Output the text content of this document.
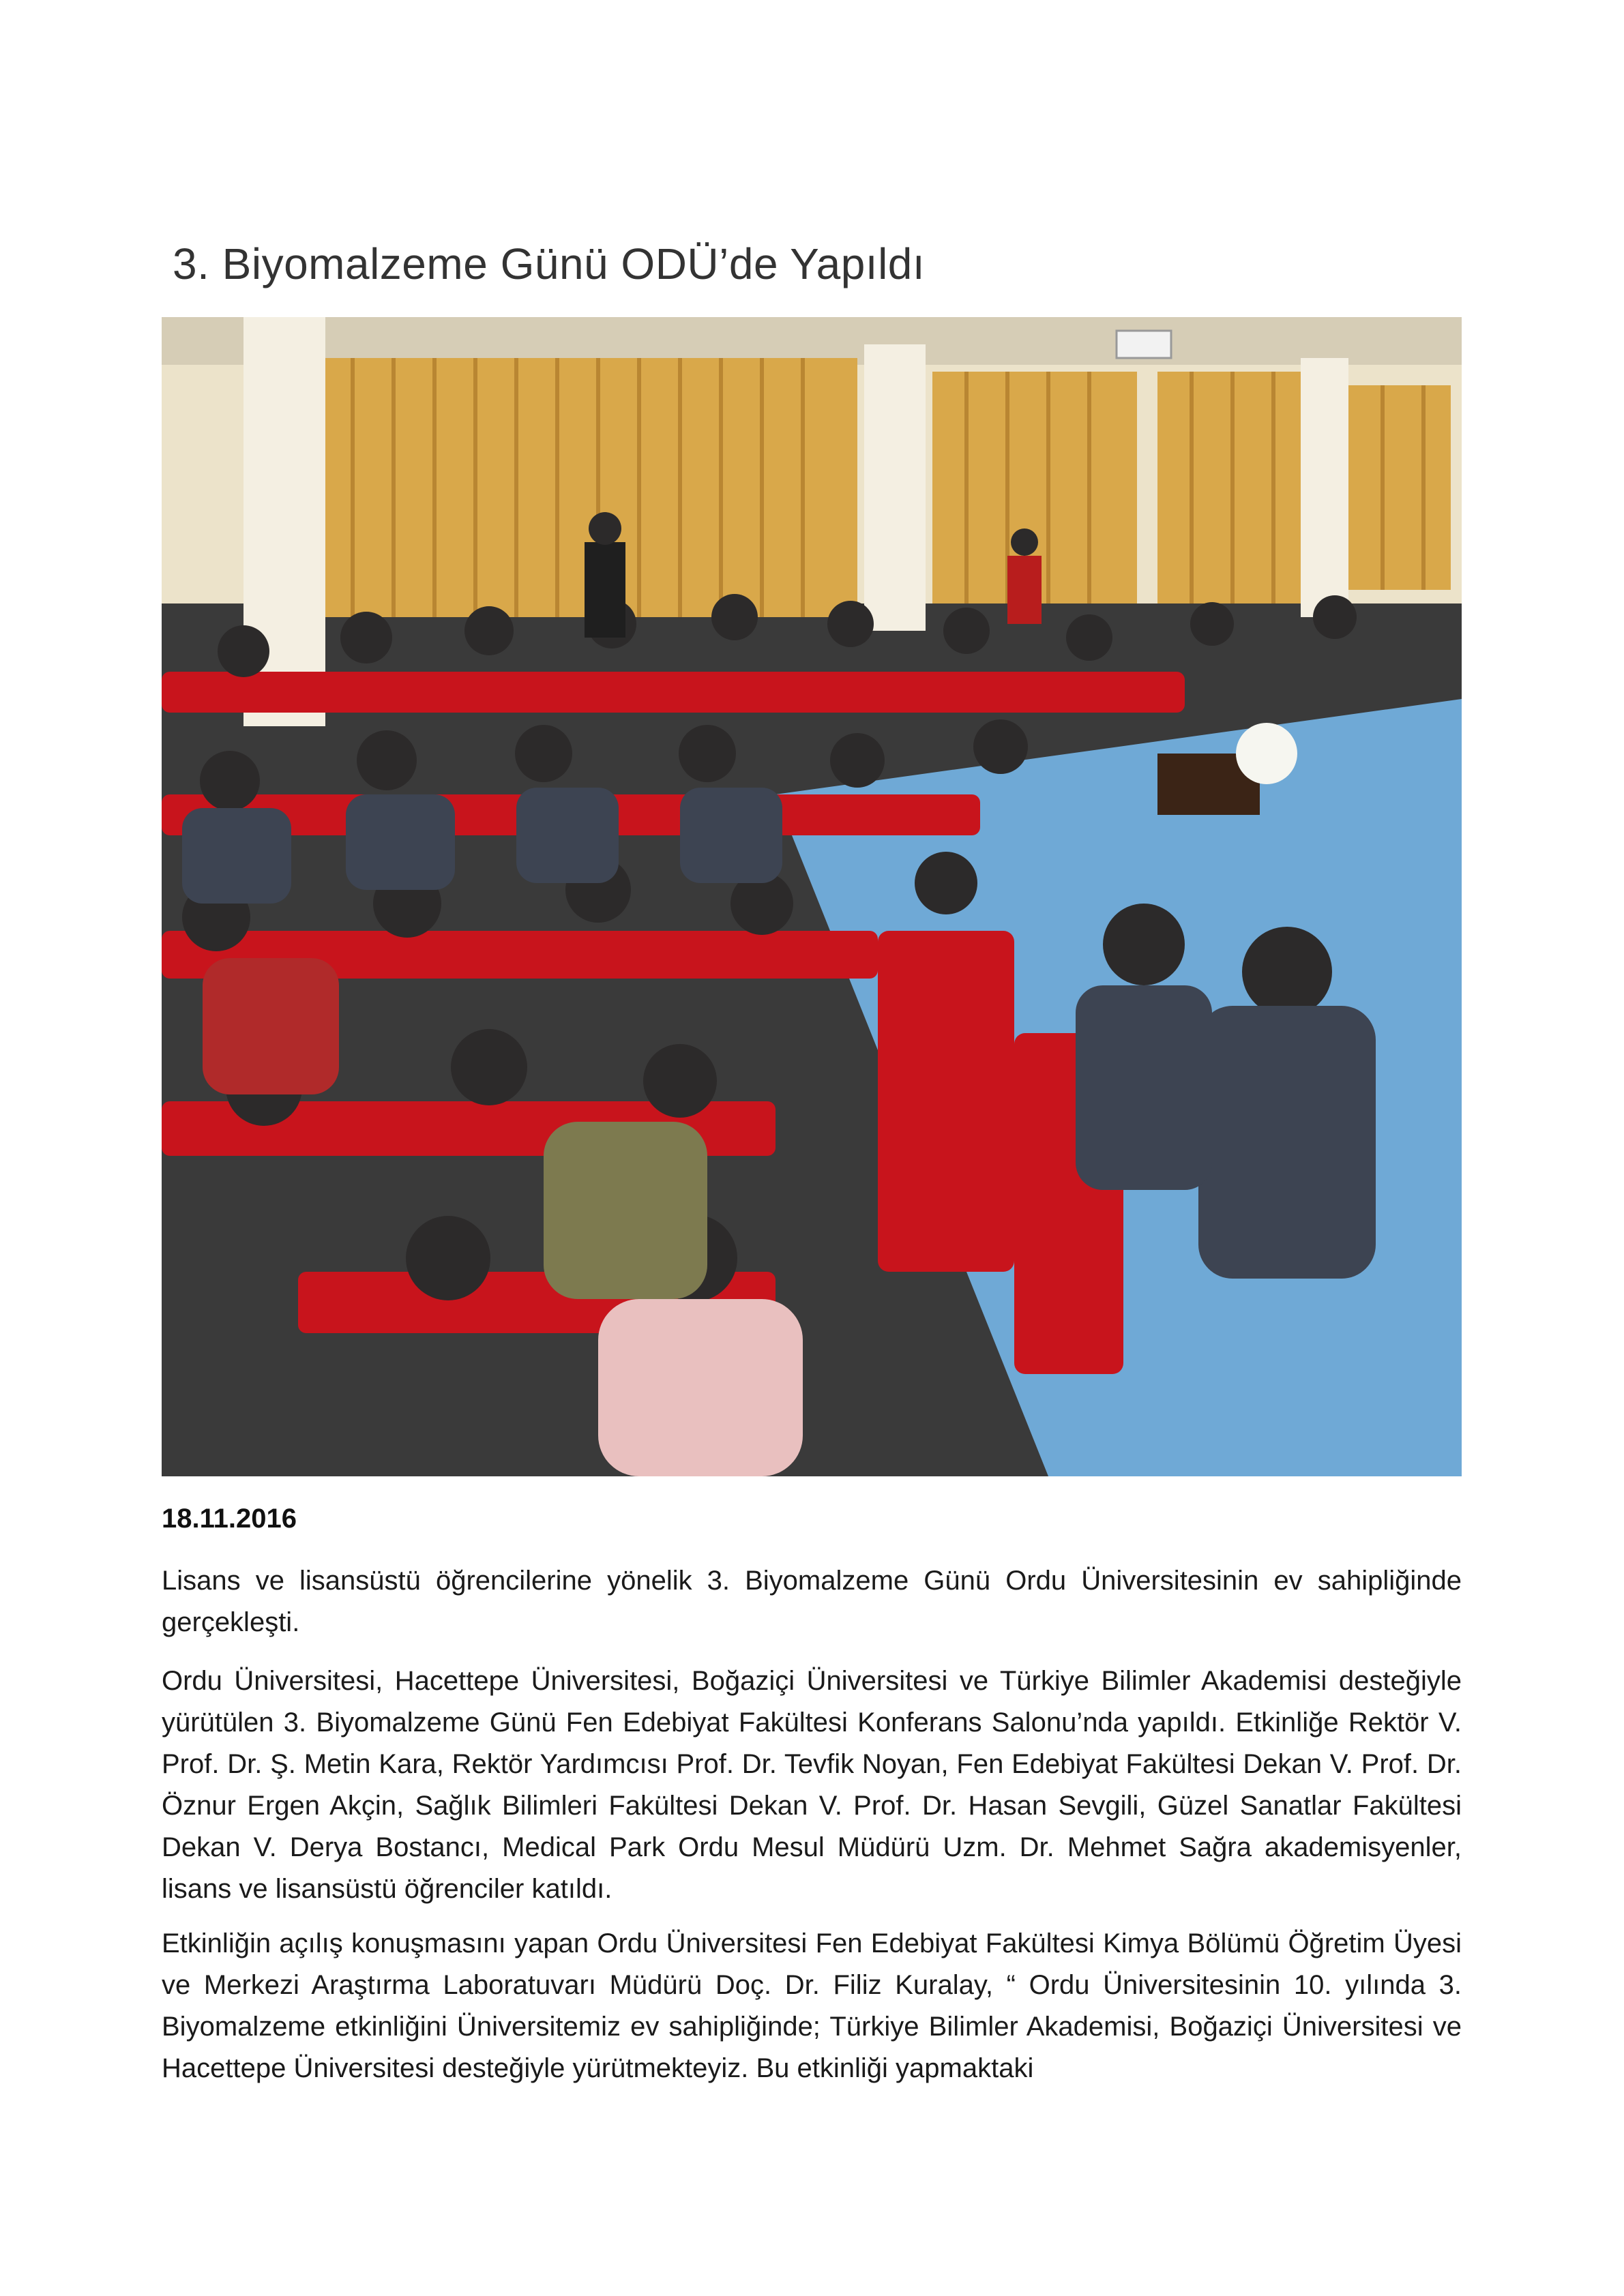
3. Biyomalzeme Günü ODÜ’de Yapıldı

18.11.2016

Lisans ve lisansüstü öğrencilerine yönelik 3. Biyomalzeme Günü Ordu Üniversitesinin ev sahipliğinde gerçekleşti.

Ordu Üniversitesi, Hacettepe Üniversitesi, Boğaziçi Üniversitesi ve Türkiye Bilimler Akademisi desteğiyle yürütülen 3. Biyomalzeme Günü Fen Edebiyat Fakültesi Konferans Salonu’nda yapıldı. Etkinliğe Rektör V. Prof. Dr. Ş. Metin Kara, Rektör Yardımcısı Prof. Dr. Tevfik Noyan, Fen Edebiyat Fakültesi Dekan V. Prof. Dr. Öznur Ergen Akçin, Sağlık Bilimleri Fakültesi Dekan V. Prof. Dr. Hasan Sevgili, Güzel Sanatlar Fakültesi Dekan V. Derya Bostancı, Medical Park Ordu Mesul Müdürü Uzm. Dr. Mehmet Sağra akademisyenler, lisans ve lisansüstü öğrenciler katıldı.

Etkinliğin açılış konuşmasını yapan Ordu Üniversitesi Fen Edebiyat Fakültesi Kimya Bölümü Öğretim Üyesi ve Merkezi Araştırma Laboratuvarı Müdürü Doç. Dr. Filiz Kuralay, “ Ordu Üniversitesinin 10. yılında 3. Biyomalzeme etkinliğini Üniversitemiz ev sahipliğinde; Türkiye Bilimler Akademisi, Boğaziçi Üniversitesi ve Hacettepe Üniversitesi desteğiyle yürütmekteyiz. Bu etkinliği yapmaktaki
